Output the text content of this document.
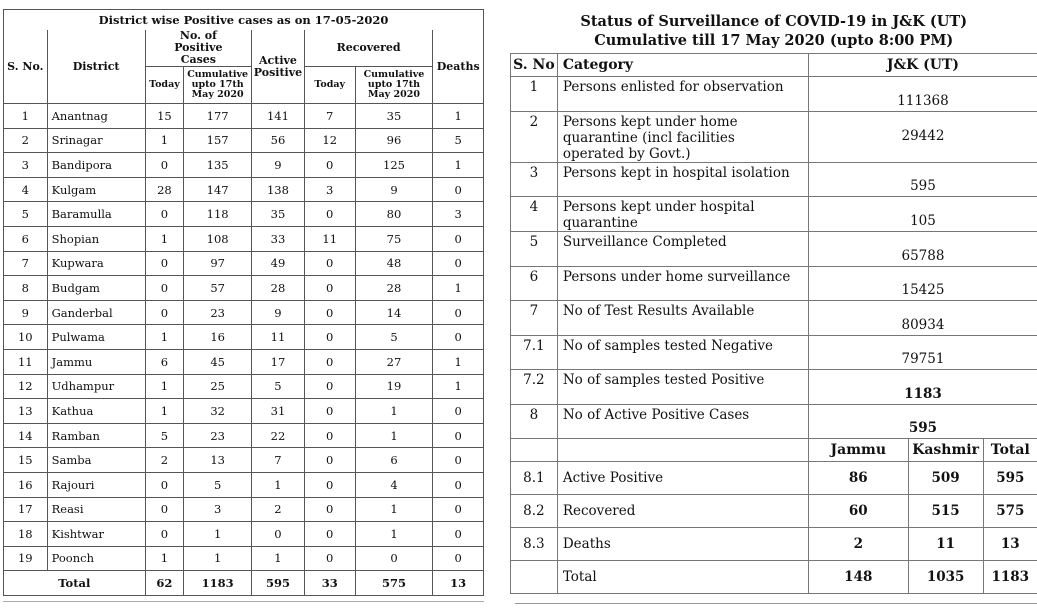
District wise Positive cases as on 17-05-2020							
S. No.	District	No. of Positive Cases		Active Positive	Recovered		Deaths
		Today	Cumulative upto 17th May 2020		Today	Cumulative upto 17th May 2020	
1	Anantnag	15	177	141	7	35	1
2	Srinagar	1	157	56	12	96	5
3	Bandipora	0	135	9	0	125	1
4	Kulgam	28	147	138	3	9	0
5	Baramulla	0	118	35	0	80	3
6	Shopian	1	108	33	11	75	0
7	Kupwara	0	97	49	0	48	0
8	Budgam	0	57	28	0	28	1
9	Ganderbal	0	23	9	0	14	0
10	Pulwama	1	16	11	0	5	0
11	Jammu	6	45	17	0	27	1
12	Udhampur	1	25	5	0	19	1
13	Kathua	1	32	31	0	1	0
14	Ramban	5	23	22	0	1	0
15	Samba	2	13	7	0	6	0
16	Rajouri	0	5	1	0	4	0
17	Reasi	0	3	2	0	1	0
18	Kishtwar	0	1	0	0	1	0
19	Poonch	1	1	1	0	0	0
Total		62	1183	595	33	575	13
Status of Surveillance of COVID-19 in J&K (UT)
Cumulative till 17 May 2020 (upto 8:00 PM)				

S. No	Category	J&K (UT)		
1	Persons enlisted for observation	111368		
2	Persons kept under home quarantine (incl facilities operated by Govt.)	29442		
3	Persons kept in hospital isolation	595		
4	Persons kept under hospital quarantine	105		
5	Surveillance Completed	65788		
6	Persons under home surveillance	15425		
7	No of Test Results Available	80934		
7.1	No of samples tested Negative	79751		
7.2	No of samples tested Positive	1183		
8	No of Active Positive Cases	595		
		Jammu	Kashmir	Total
8.1	Active Positive	86	509	595
8.2	Recovered	60	515	575
8.3	Deaths	2	11	13
	Total	148	1035	1183
